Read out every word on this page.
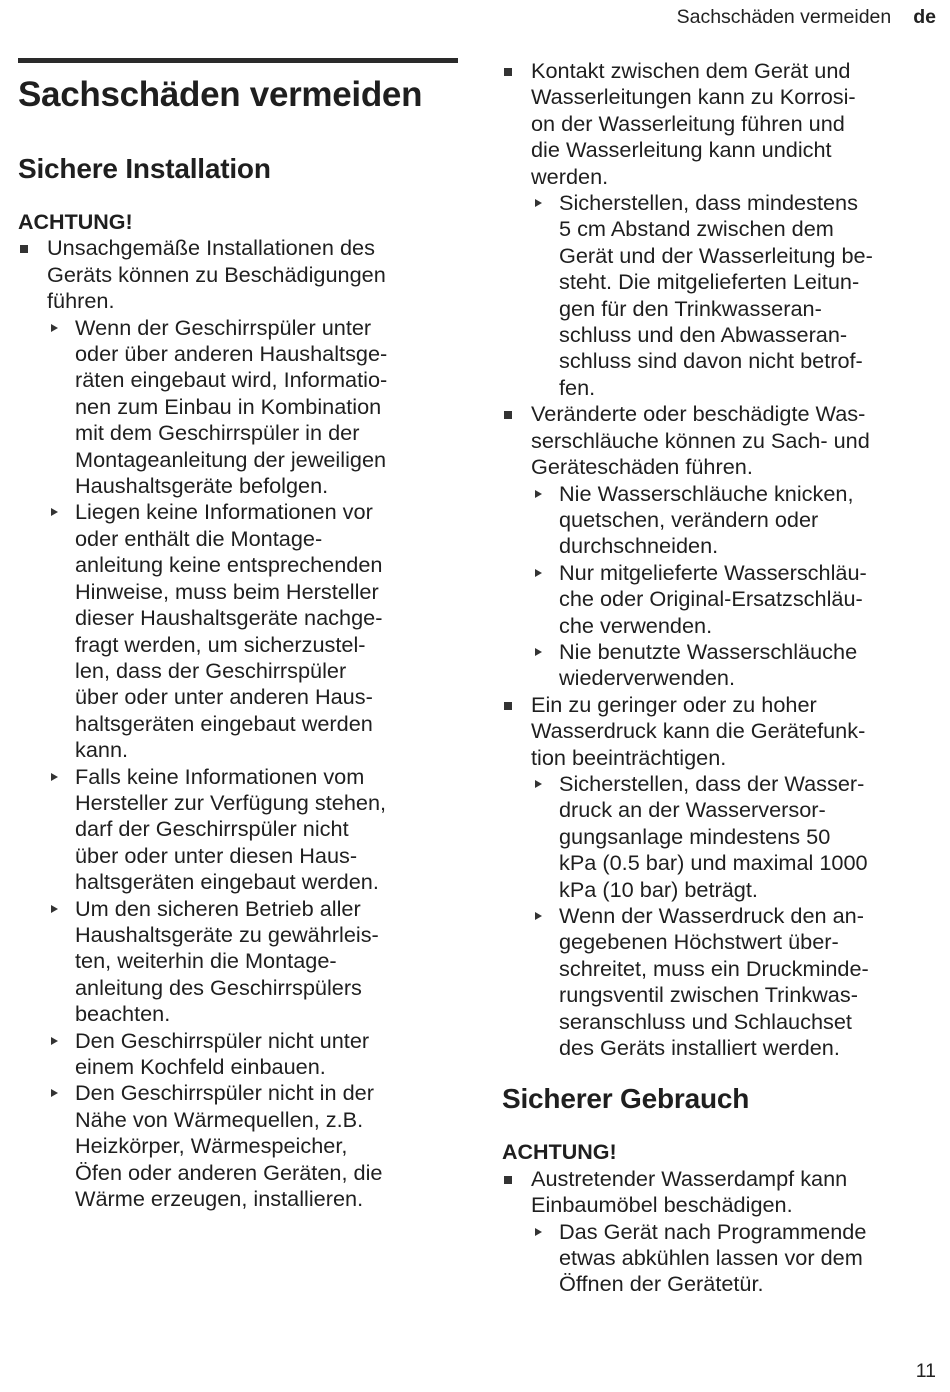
Sachschäden vermeiden de
Sachschäden vermeiden
Sichere Installation
ACHTUNG!
Unsachgemäße Installationen des
Geräts können zu Beschädigungen
führen.
Wenn der Geschirrspüler unter
oder über anderen Haushaltsge-
räten eingebaut wird, Informatio-
nen zum Einbau in Kombination
mit dem Geschirrspüler in der
Montageanleitung der jeweiligen
Haushaltsgeräte befolgen.
Liegen keine Informationen vor
oder enthält die Montage-
anleitung keine entsprechenden
Hinweise, muss beim Hersteller
dieser Haushaltsgeräte nachge-
fragt werden, um sicherzustel-
len, dass der Geschirrspüler
über oder unter anderen Haus-
haltsgeräten eingebaut werden
kann.
Falls keine Informationen vom
Hersteller zur Verfügung stehen,
darf der Geschirrspüler nicht
über oder unter diesen Haus-
haltsgeräten eingebaut werden.
Um den sicheren Betrieb aller
Haushaltsgeräte zu gewährleis-
ten, weiterhin die Montage-
anleitung des Geschirrspülers
beachten.
Den Geschirrspüler nicht unter
einem Kochfeld einbauen.
Den Geschirrspüler nicht in der
Nähe von Wärmequellen, z.B.
Heizkörper, Wärmespeicher,
Öfen oder anderen Geräten, die
Wärme erzeugen, installieren.
Kontakt zwischen dem Gerät und
Wasserleitungen kann zu Korrosi-
on der Wasserleitung führen und
die Wasserleitung kann undicht
werden.
Sicherstellen, dass mindestens
5 cm Abstand zwischen dem
Gerät und der Wasserleitung be-
steht. Die mitgelieferten Leitun-
gen für den Trinkwasseran-
schluss und den Abwasseran-
schluss sind davon nicht betrof-
fen.
Veränderte oder beschädigte Was-
serschläuche können zu Sach- und
Geräteschäden führen.
Nie Wasserschläuche knicken,
quetschen, verändern oder
durchschneiden.
Nur mitgelieferte Wasserschläu-
che oder Original-Ersatzschläu-
che verwenden.
Nie benutzte Wasserschläuche
wiederverwenden.
Ein zu geringer oder zu hoher
Wasserdruck kann die Gerätefunk-
tion beeinträchtigen.
Sicherstellen, dass der Wasser-
druck an der Wasserversor-
gungsanlage mindestens 50
kPa (0.5 bar) und maximal 1000
kPa (10 bar) beträgt.
Wenn der Wasserdruck den an-
gegebenen Höchstwert über-
schreitet, muss ein Druckminde-
rungsventil zwischen Trinkwas-
seranschluss und Schlauchset
des Geräts installiert werden.
Sicherer Gebrauch
ACHTUNG!
Austretender Wasserdampf kann
Einbaumöbel beschädigen.
Das Gerät nach Programmende
etwas abkühlen lassen vor dem
Öffnen der Gerätetür.
11
